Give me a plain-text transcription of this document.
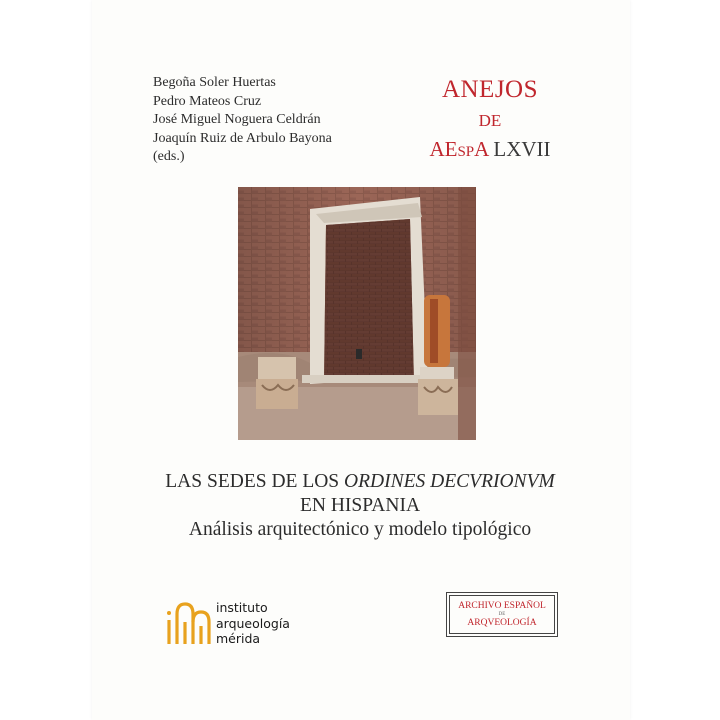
Begoña Soler Huertas
Pedro Mateos Cruz
José Miguel Noguera Celdrán
Joaquín Ruiz de Arbulo Bayona
(eds.)
ANEJOS
DE
AESPA LXVII
LAS SEDES DE LOS ORDINES DECVRIONVM
EN HISPANIA
Análisis arquitectónico y modelo tipológico
instituto
arqueología
mérida
ARCHIVO ESPAÑOL
DE
ARQVEOLOGÍA
